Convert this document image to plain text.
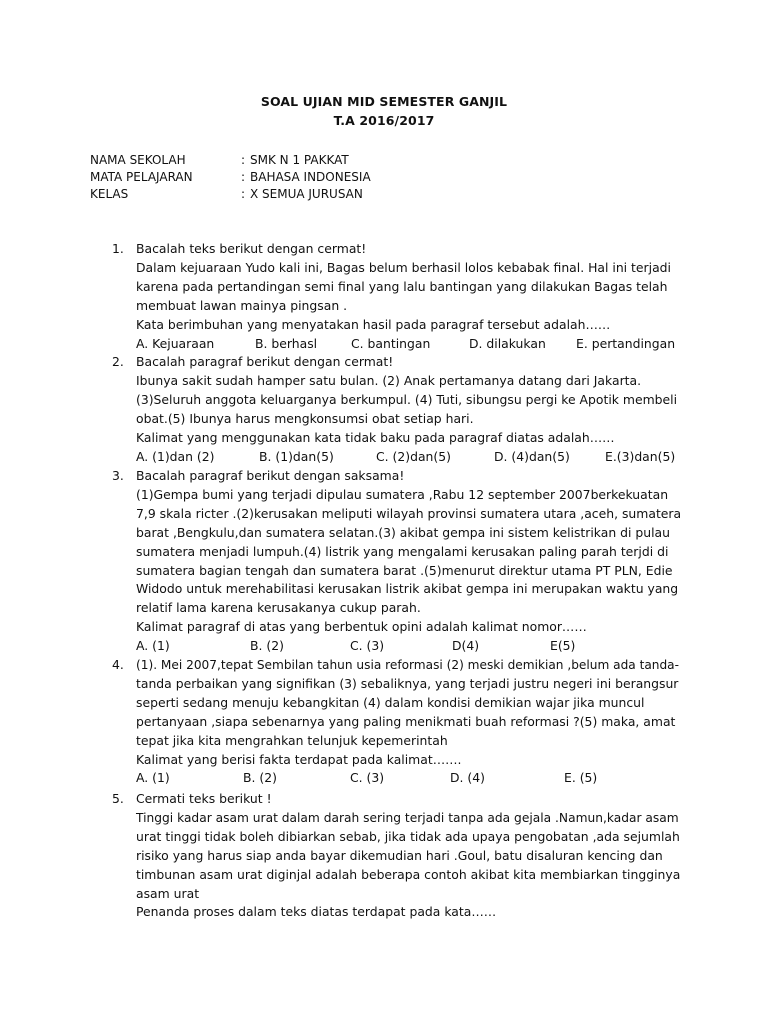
SOAL UJIAN MID SEMESTER GANJIL
T.A 2016/2017
NAMA SEKOLAH	: SMK N 1 PAKKAT
MATA PELAJARAN	: BAHASA INDONESIA
KELAS	: X SEMUA JURUSAN
1. Bacalah teks berikut dengan cermat!
Dalam kejuaraan Yudo kali ini, Bagas belum berhasil lolos kebabak final. Hal ini terjadi
karena pada pertandingan semi final yang lalu bantingan yang dilakukan Bagas telah
membuat lawan mainya pingsan .
Kata berimbuhan yang menyatakan hasil pada paragraf tersebut adalah……
A. Kejuaraan	B. berhasl	C. bantingan	D. dilakukan E. pertandingan
2. Bacalah paragraf berikut dengan cermat!
Ibunya sakit sudah hamper satu bulan. (2) Anak pertamanya datang dari Jakarta.
(3)Seluruh anggota keluarganya berkumpul. (4) Tuti, sibungsu pergi ke Apotik membeli
obat.(5) Ibunya harus mengkonsumsi obat setiap hari.
Kalimat yang menggunakan kata tidak baku pada paragraf diatas adalah……
A. (1)dan (2)	B. (1)dan(5)	C. (2)dan(5)	D. (4)dan(5)	E.(3)dan(5)
3. Bacalah paragraf berikut dengan saksama!
(1)Gempa bumi yang terjadi dipulau sumatera ,Rabu 12 september 2007berkekuatan
7,9 skala ricter .(2)kerusakan meliputi wilayah provinsi sumatera utara ,aceh, sumatera
barat ,Bengkulu,dan sumatera selatan.(3) akibat gempa ini sistem kelistrikan di pulau
sumatera menjadi lumpuh.(4) listrik yang mengalami kerusakan paling parah terjdi di
sumatera bagian tengah dan sumatera barat .(5)menurut direktur utama PT PLN, Edie
Widodo untuk merehabilitasi kerusakan listrik akibat gempa ini merupakan waktu yang
relatif lama karena kerusakanya cukup parah.
Kalimat paragraf di atas yang berbentuk opini adalah kalimat nomor……
A. (1)	B. (2)	C. (3)	D(4)	E(5)
4. (1). Mei 2007,tepat Sembilan tahun usia reformasi (2) meski demikian ,belum ada tanda-
tanda perbaikan yang signifikan (3) sebaliknya, yang terjadi justru negeri ini berangsur
seperti sedang menuju kebangkitan (4) dalam kondisi demikian wajar jika muncul
pertanyaan ,siapa sebenarnya yang paling menikmati buah reformasi ?(5) maka, amat
tepat jika kita mengrahkan telunjuk kepemerintah
Kalimat yang berisi fakta terdapat pada kalimat…….
A. (1)	B. (2)	C. (3)	D. (4)	E. (5)
5. Cermati teks berikut !
Tinggi kadar asam urat dalam darah sering terjadi tanpa ada gejala .Namun,kadar asam
urat tinggi tidak boleh dibiarkan sebab, jika tidak ada upaya pengobatan ,ada sejumlah
risiko yang harus siap anda bayar dikemudian hari .Goul, batu disaluran kencing dan
timbunan asam urat diginjal adalah beberapa contoh akibat kita membiarkan tingginya
asam urat
Penanda proses dalam teks diatas terdapat pada kata……
